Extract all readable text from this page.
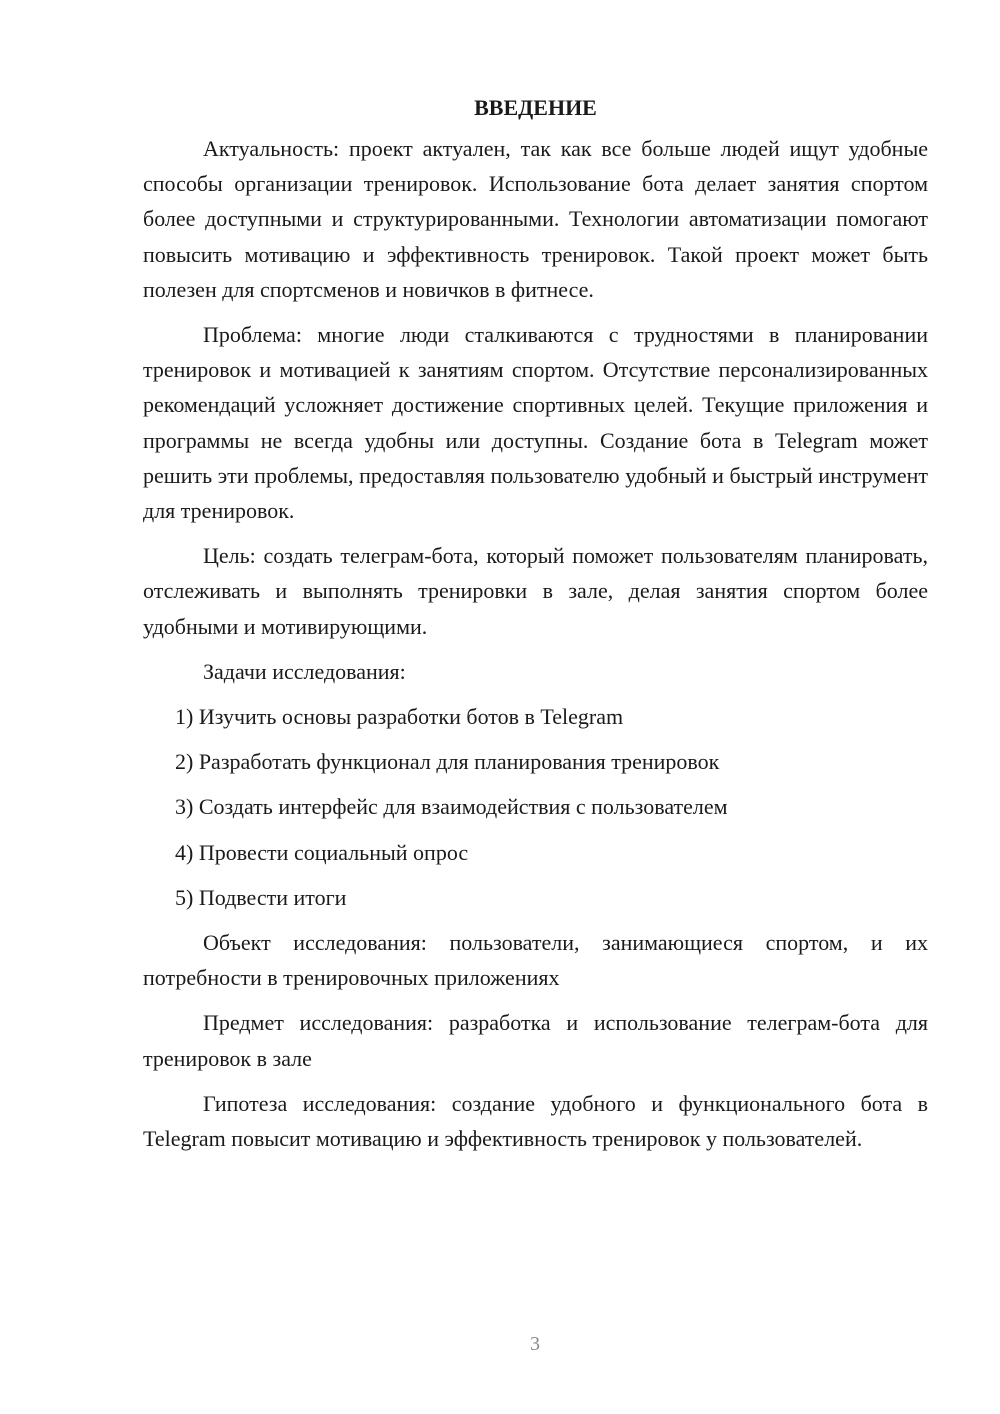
ВВЕДЕНИЕ

Актуальность: проект актуален, так как все больше людей ищут удобные способы организации тренировок. Использование бота делает занятия спортом более доступными и структурированными. Технологии автоматизации помогают повысить мотивацию и эффективность тренировок. Такой проект может быть полезен для спортсменов и новичков в фитнесе.

Проблема: многие люди сталкиваются с трудностями в планировании тренировок и мотивацией к занятиям спортом. Отсутствие персонализированных рекомендаций усложняет достижение спортивных целей. Текущие приложения и программы не всегда удобны или доступны. Создание бота в Telegram может решить эти проблемы, предоставляя пользователю удобный и быстрый инструмент для тренировок.

Цель: создать телеграм-бота, который поможет пользователям планировать, отслеживать и выполнять тренировки в зале, делая занятия спортом более удобными и мотивирующими.

Задачи исследования:

1) Изучить основы разработки ботов в Telegram
2) Разработать функционал для планирования тренировок
3) Создать интерфейс для взаимодействия с пользователем
4) Провести социальный опрос
5) Подвести итоги

Объект исследования: пользователи, занимающиеся спортом, и их потребности в тренировочных приложениях

Предмет исследования: разработка и использование телеграм-бота для тренировок в зале

Гипотеза исследования: создание удобного и функционального бота в Telegram повысит мотивацию и эффективность тренировок у пользователей.

3
